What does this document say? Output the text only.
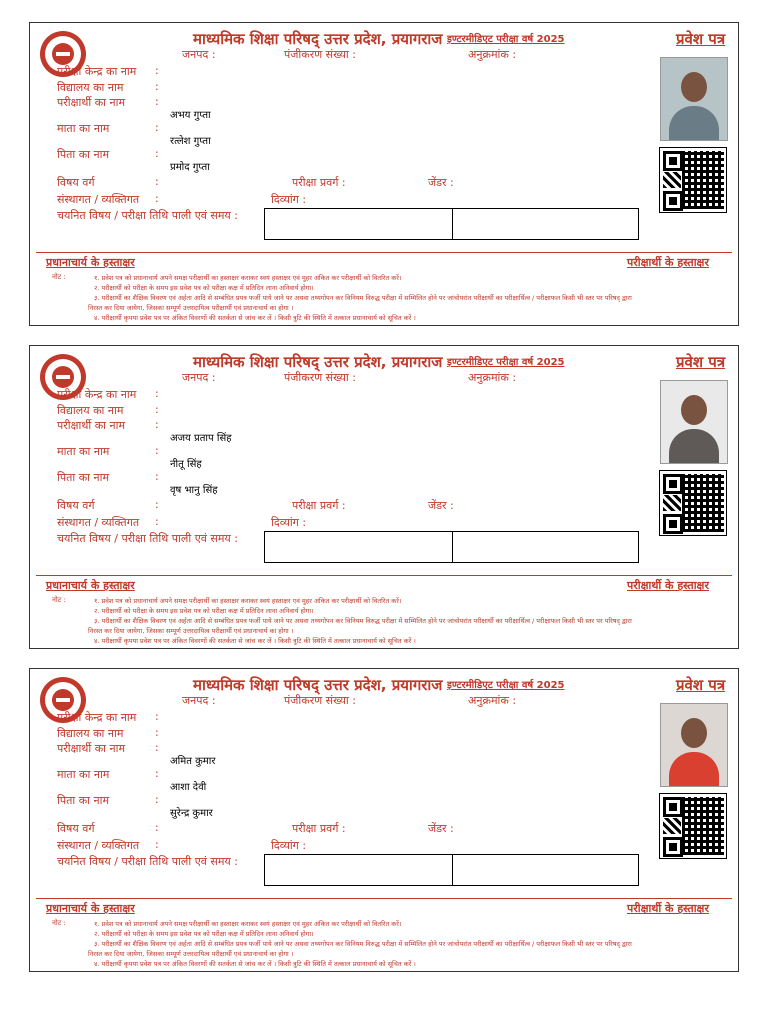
माध्यमिक शिक्षा परिषद् उत्तर प्रदेश, प्रयागराज इण्टरमीडिएट परीक्षा वर्ष 2025	प्रवेश पत्र
जनपद :	पंजीकरण संख्या :	अनुक्रमांक :
परीक्षा केन्द्र का नाम :
विद्यालय का नाम	:
परीक्षार्थी का नाम	:
अभय गुप्ता
माता का नाम	:
रत्लेश गुप्ता
पिता का नाम	:
प्रमोद गुप्ता
विषय वर्ग	:	परीक्षा प्रवर्ग :	जेंडर :
संस्थागत / व्यक्तिगत :	दिव्यांग :
चयनित विषय / परीक्षा तिथि पाली एवं समय :
प्रधानाचार्य के हस्ताक्षर	परीक्षार्थी के हस्ताक्षर
नोट :	१. प्रवेश पत्र को प्रधानाचार्य अपने समक्ष परीक्षार्थी का हस्ताक्षर कराकर स्वयं हस्ताक्षर एवं मुहर अंकित कर परीक्षार्थी को वितरित करें।
२. परीक्षार्थी को परीक्षा के समय इस प्रवेश पत्र को परीक्षा कक्ष में प्रतिदिन लाना अनिवार्य होगा।
३. परीक्षार्थी का शैक्षिक विवरण एवं अर्हता आदि से सम्बंधित प्रपत्र फर्जी पाये जाने पर अथवा तथ्यगोपन कर विनियम विरुद्ध परीक्षा में सम्मिलित होने पर जांचोपरांत परीक्षार्थी का परीक्षार्थित्व / परीक्षाफल किसी भी स्तर पर परिषद् द्वारा
निरस्त कर दिया जायेगा, जिसका सम्पूर्ण उत्तरदायित्व परीक्षार्थी एवं प्रधानाचार्य का होगा ।
४. परीक्षार्थी कृपया प्रवेश पत्र पर अंकित विवरणों की सतर्कता से जांच कर लें । किसी त्रुटि की स्थिति में तत्काल प्रधानाचार्य को सूचित करें ।
माध्यमिक शिक्षा परिषद् उत्तर प्रदेश, प्रयागराज इण्टरमीडिएट परीक्षा वर्ष 2025	प्रवेश पत्र
जनपद :	पंजीकरण संख्या :	अनुक्रमांक :
परीक्षा केन्द्र का नाम :
विद्यालय का नाम	:
परीक्षार्थी का नाम	:
अजय प्रताप सिंह
माता का नाम	:
नीतू सिंह
पिता का नाम	:
वृष भानु सिंह
विषय वर्ग	:	परीक्षा प्रवर्ग :	जेंडर :
संस्थागत / व्यक्तिगत :	दिव्यांग :
चयनित विषय / परीक्षा तिथि पाली एवं समय :
प्रधानाचार्य के हस्ताक्षर	परीक्षार्थी के हस्ताक्षर
नोट :	१. प्रवेश पत्र को प्रधानाचार्य अपने समक्ष परीक्षार्थी का हस्ताक्षर कराकर स्वयं हस्ताक्षर एवं मुहर अंकित कर परीक्षार्थी को वितरित करें।
२. परीक्षार्थी को परीक्षा के समय इस प्रवेश पत्र को परीक्षा कक्ष में प्रतिदिन लाना अनिवार्य होगा।
३. परीक्षार्थी का शैक्षिक विवरण एवं अर्हता आदि से सम्बंधित प्रपत्र फर्जी पाये जाने पर अथवा तथ्यगोपन कर विनियम विरुद्ध परीक्षा में सम्मिलित होने पर जांचोपरांत परीक्षार्थी का परीक्षार्थित्व / परीक्षाफल किसी भी स्तर पर परिषद् द्वारा
निरस्त कर दिया जायेगा, जिसका सम्पूर्ण उत्तरदायित्व परीक्षार्थी एवं प्रधानाचार्य का होगा ।
४. परीक्षार्थी कृपया प्रवेश पत्र पर अंकित विवरणों की सतर्कता से जांच कर लें । किसी त्रुटि की स्थिति में तत्काल प्रधानाचार्य को सूचित करें ।
माध्यमिक शिक्षा परिषद् उत्तर प्रदेश, प्रयागराज इण्टरमीडिएट परीक्षा वर्ष 2025	प्रवेश पत्र
जनपद :	पंजीकरण संख्या :	अनुक्रमांक :
परीक्षा केन्द्र का नाम :
विद्यालय का नाम	:
परीक्षार्थी का नाम	:
अमित कुमार
माता का नाम	:
आशा देवी
पिता का नाम	:
सुरेन्द्र कुमार
विषय वर्ग	:	परीक्षा प्रवर्ग :	जेंडर :
संस्थागत / व्यक्तिगत :	दिव्यांग :
चयनित विषय / परीक्षा तिथि पाली एवं समय :
प्रधानाचार्य के हस्ताक्षर	परीक्षार्थी के हस्ताक्षर
नोट :	१. प्रवेश पत्र को प्रधानाचार्य अपने समक्ष परीक्षार्थी का हस्ताक्षर कराकर स्वयं हस्ताक्षर एवं मुहर अंकित कर परीक्षार्थी को वितरित करें।
२. परीक्षार्थी को परीक्षा के समय इस प्रवेश पत्र को परीक्षा कक्ष में प्रतिदिन लाना अनिवार्य होगा।
३. परीक्षार्थी का शैक्षिक विवरण एवं अर्हता आदि से सम्बंधित प्रपत्र फर्जी पाये जाने पर अथवा तथ्यगोपन कर विनियम विरुद्ध परीक्षा में सम्मिलित होने पर जांचोपरांत परीक्षार्थी का परीक्षार्थित्व / परीक्षाफल किसी भी स्तर पर परिषद् द्वारा
निरस्त कर दिया जायेगा, जिसका सम्पूर्ण उत्तरदायित्व परीक्षार्थी एवं प्रधानाचार्य का होगा ।
४. परीक्षार्थी कृपया प्रवेश पत्र पर अंकित विवरणों की सतर्कता से जांच कर लें । किसी त्रुटि की स्थिति में तत्काल प्रधानाचार्य को सूचित करें ।
